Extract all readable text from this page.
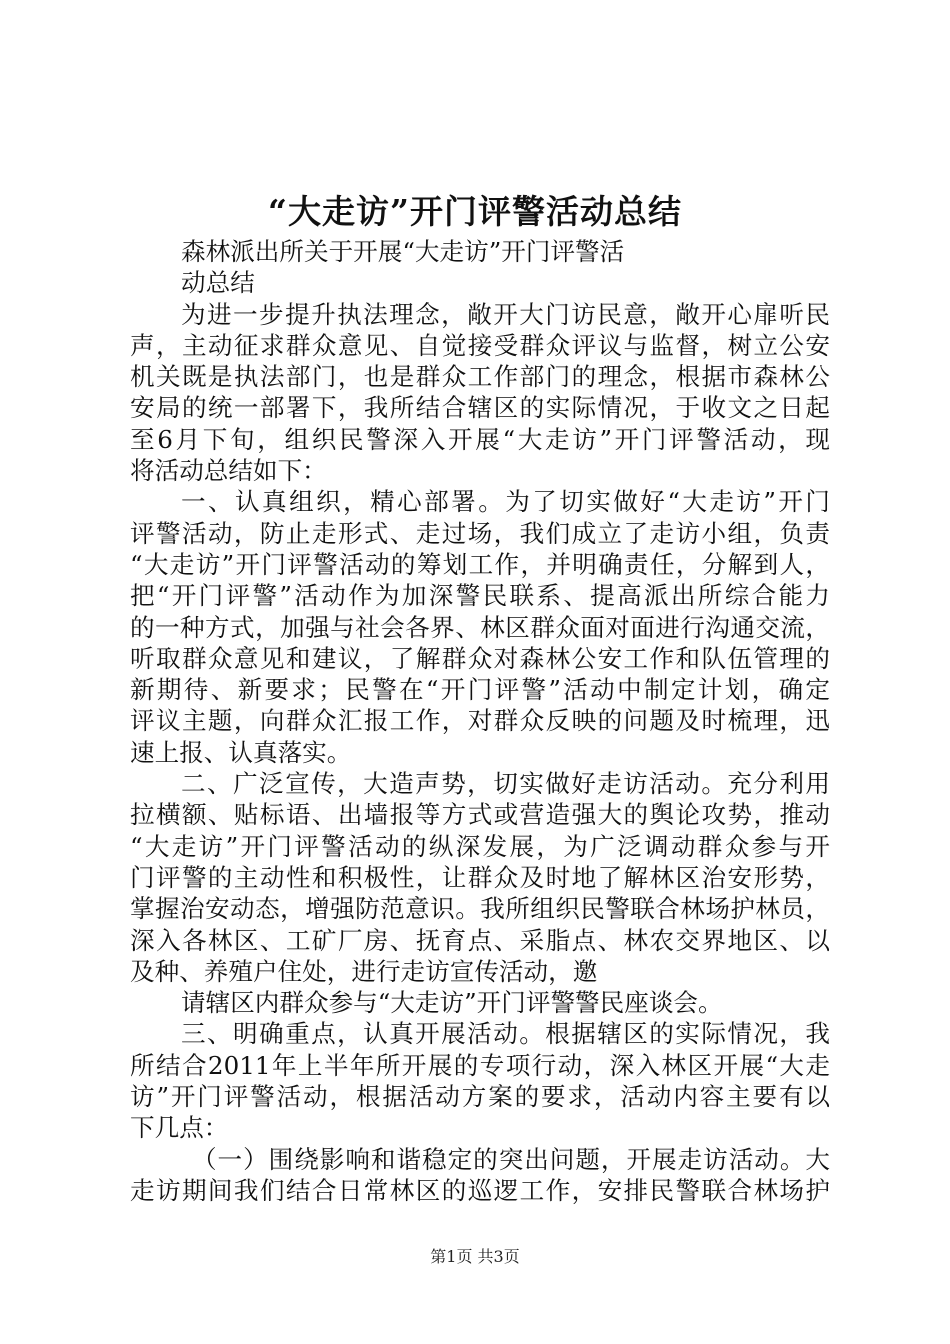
“大走访”开门评警活动总结
森林派出所关于开展“大走访”开门评警活
动总结
为进一步提升执法理念，敞开大门访民意，敞开心扉听民
声，主动征求群众意见、自觉接受群众评议与监督，树立公安
机关既是执法部门，也是群众工作部门的理念，根据市森林公
安局的统一部署下，我所结合辖区的实际情况，于收文之日起
至6月下旬，组织民警深入开展“大走访”开门评警活动，现
将活动总结如下：
一、认真组织，精心部署。为了切实做好“大走访”开门
评警活动，防止走形式、走过场，我们成立了走访小组，负责
“大走访”开门评警活动的筹划工作，并明确责任，分解到人，
把“开门评警”活动作为加深警民联系、提高派出所综合能力
的一种方式，加强与社会各界、林区群众面对面进行沟通交流，
听取群众意见和建议，了解群众对森林公安工作和队伍管理的
新期待、新要求；民警在“开门评警”活动中制定计划，确定
评议主题，向群众汇报工作，对群众反映的问题及时梳理，迅
速上报、认真落实。
二、广泛宣传，大造声势，切实做好走访活动。充分利用
拉横额、贴标语、出墙报等方式或营造强大的舆论攻势，推动
“大走访”开门评警活动的纵深发展，为广泛调动群众参与开
门评警的主动性和积极性，让群众及时地了解林区治安形势，
掌握治安动态，增强防范意识。我所组织民警联合林场护林员，
深入各林区、工矿厂房、抚育点、采脂点、林农交界地区、以
及种、养殖户住处，进行走访宣传活动，邀
请辖区内群众参与“大走访”开门评警警民座谈会。
三、明确重点，认真开展活动。根据辖区的实际情况，我
所结合2011年上半年所开展的专项行动，深入林区开展“大走
访”开门评警活动，根据活动方案的要求，活动内容主要有以
下几点：
（一）围绕影响和谐稳定的突出问题，开展走访活动。大
走访期间我们结合日常林区的巡逻工作，安排民警联合林场护
第1页 共3页
